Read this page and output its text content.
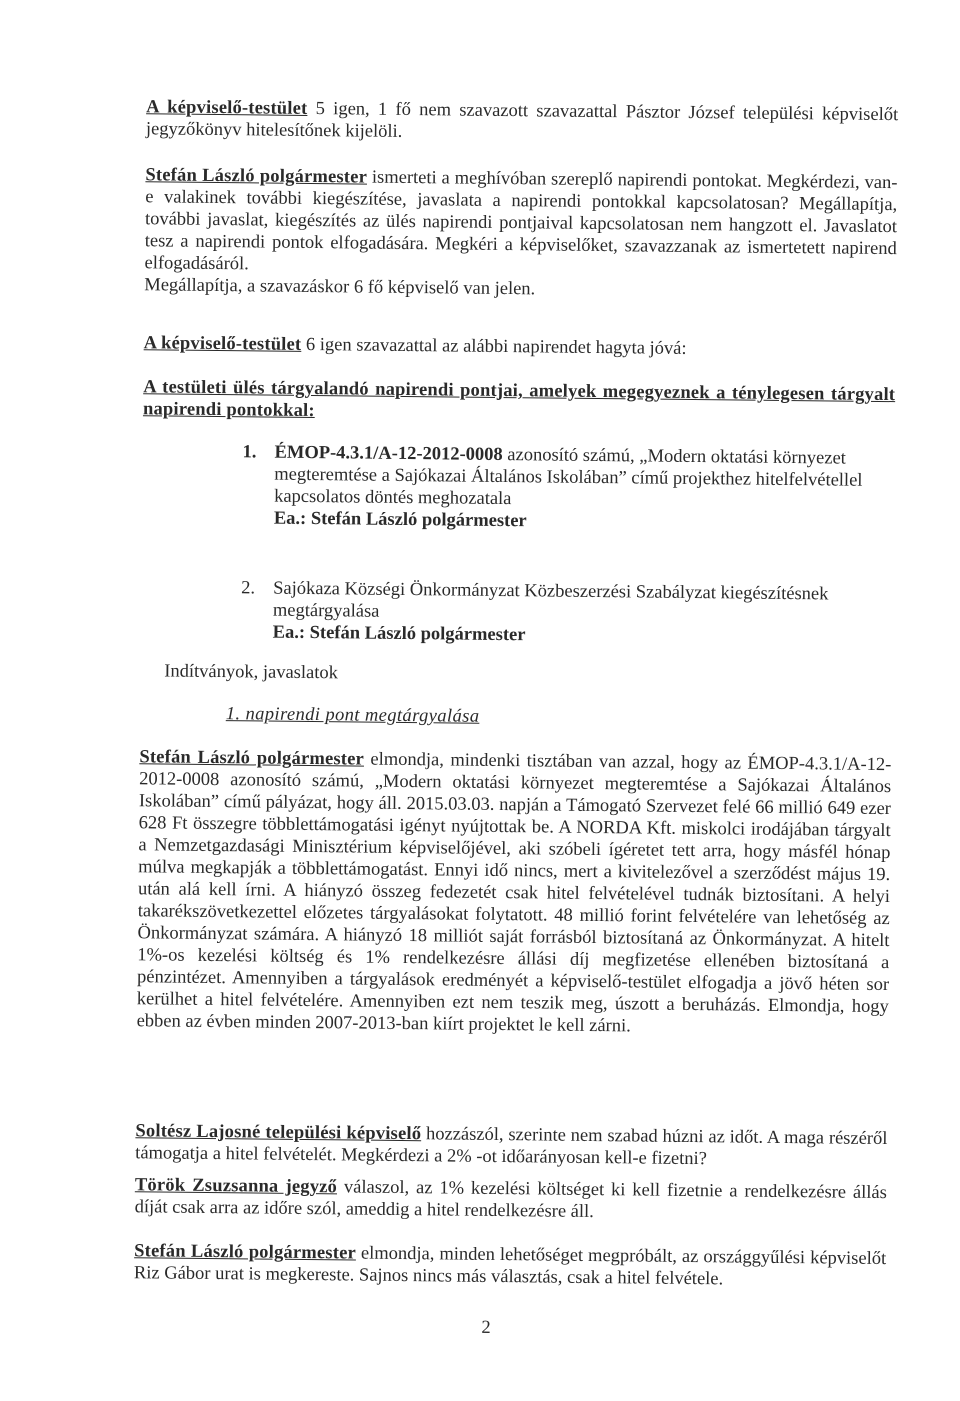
A képviselő-testület 5 igen, 1 fő nem szavazott szavazattal Pásztor József települési képviselőt jegyzőkönyv hitelesítőnek kijelöli.

Stefán László polgármester ismerteti a meghívóban szereplő napirendi pontokat. Megkérdezi, van-e valakinek további kiegészítése, javaslata a napirendi pontokkal kapcsolatosan? Megállapítja, további javaslat, kiegészítés az ülés napirendi pontjaival kapcsolatosan nem hangzott el. Javaslatot tesz a napirendi pontok elfogadására. Megkéri a képviselőket, szavazzanak az ismertetett napirend elfogadásáról.
Megállapítja, a szavazáskor 6 fő képviselő van jelen.

A képviselő-testület 6 igen szavazattal az alábbi napirendet hagyta jóvá:

A testületi ülés tárgyalandó napirendi pontjai, amelyek megegyeznek a ténylegesen tárgyalt napirendi pontokkal:

1. ÉMOP-4.3.1/A-12-2012-0008 azonosító számú, „Modern oktatási környezet megteremtése a Sajókazai Általános Iskolában” című projekthez hitelfelvétellel kapcsolatos döntés meghozatala
Ea.: Stefán László polgármester
2. Sajókaza Községi Önkormányzat Közbeszerzési Szabályzat kiegészítésnek megtárgyalása
Ea.: Stefán László polgármester

Indítványok, javaslatok

1. napirendi pont megtárgyalása

Stefán László polgármester elmondja, mindenki tisztában van azzal, hogy az ÉMOP-4.3.1/A-12-2012-0008 azonosító számú, „Modern oktatási környezet megteremtése a Sajókazai Általános Iskolában” című pályázat, hogy áll. 2015.03.03. napján a Támogató Szervezet felé 66 millió 649 ezer 628 Ft összegre többlettámogatási igényt nyújtottak be. A NORDA Kft. miskolci irodájában tárgyalt a Nemzetgazdasági Minisztérium képviselőjével, aki szóbeli ígéretet tett arra, hogy másfél hónap múlva megkapják a többlettámogatást. Ennyi idő nincs, mert a kivitelezővel a szerződést május 19. után alá kell írni. A hiányzó összeg fedezetét csak hitel felvételével tudnák biztosítani. A helyi takarékszövetkezettel előzetes tárgyalásokat folytatott. 48 millió forint felvételére van lehetőség az Önkormányzat számára. A hiányzó 18 milliót saját forrásból biztosítaná az Önkormányzat. A hitelt 1%-os kezelési költség és 1% rendelkezésre állási díj megfizetése ellenében biztosítaná a pénzintézet. Amennyiben a tárgyalások eredményét a képviselő-testület elfogadja a jövő héten sor kerülhet a hitel felvételére. Amennyiben ezt nem teszik meg, úszott a beruházás. Elmondja, hogy ebben az évben minden 2007-2013-ban kiírt projektet le kell zárni.

Soltész Lajosné települési képviselő hozzászól, szerinte nem szabad húzni az időt. A maga részéről támogatja a hitel felvételét. Megkérdezi a 2% -ot időarányosan kell-e fizetni?

Török Zsuzsanna jegyző válaszol, az 1% kezelési költséget ki kell fizetnie a rendelkezésre állás díját csak arra az időre szól, ameddig a hitel rendelkezésre áll.

Stefán László polgármester elmondja, minden lehetőséget megpróbált, az országgyűlési képviselőt Riz Gábor urat is megkereste. Sajnos nincs más választás, csak a hitel felvétele.

2
